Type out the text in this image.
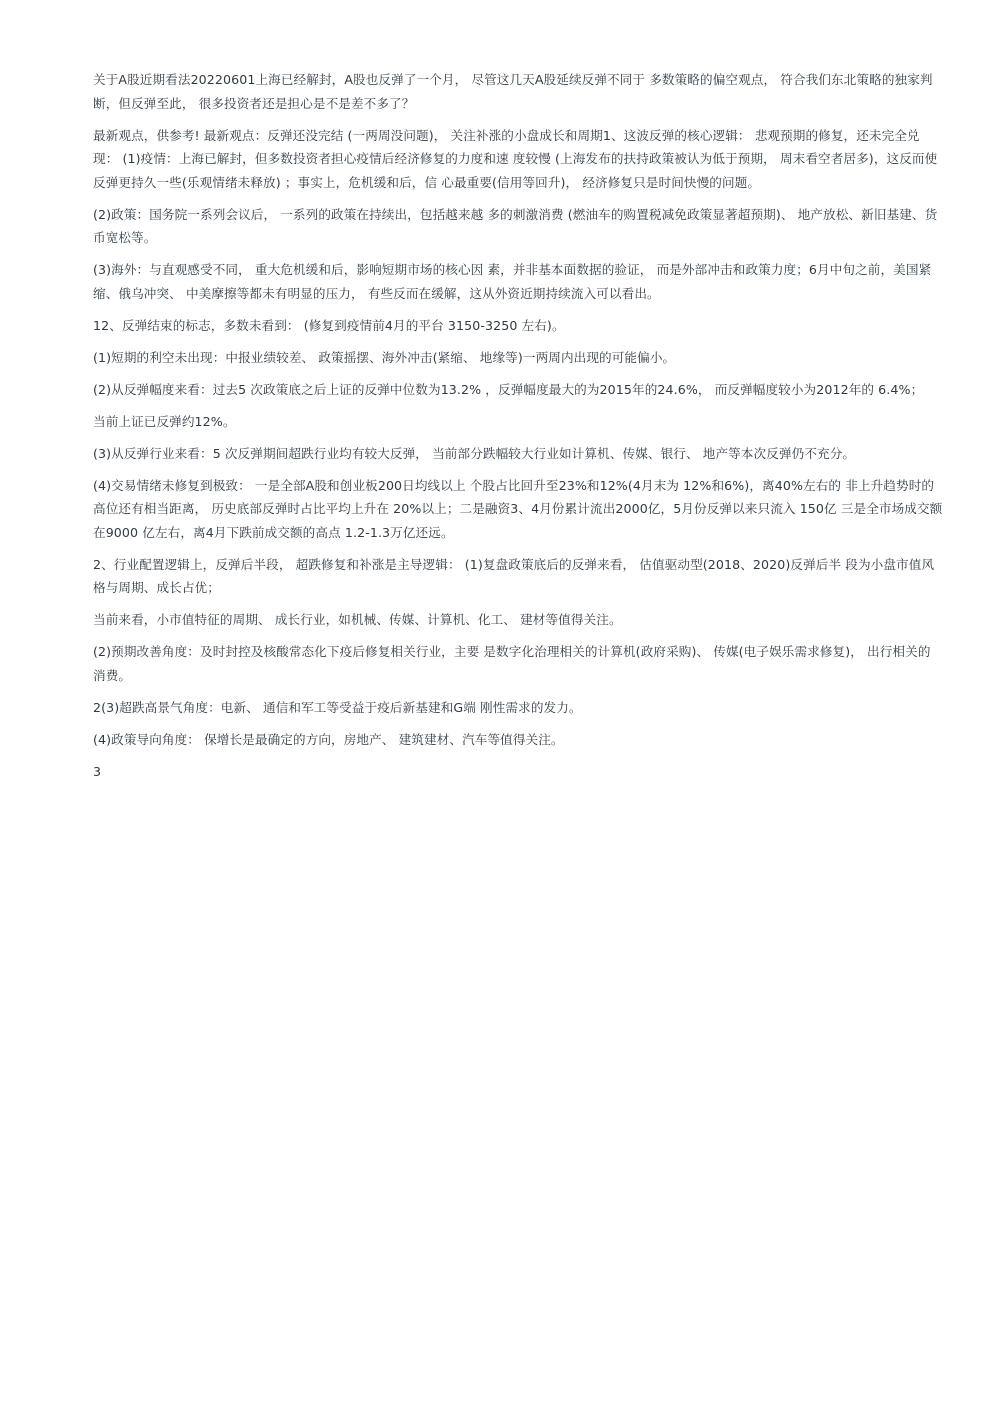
关于A股近期看法20220601上海已经解封，A股也反弹了一个月， 尽管这几天A股延续反弹不同于 多数策略的偏空观点， 符合我们东北策略的独家判断，但反弹至此， 很多投资者还是担心是不是差不多了？

最新观点，供参考! 最新观点：反弹还没完结 (一两周没问题)， 关注补涨的小盘成长和周期1、这波反弹的核心逻辑： 悲观预期的修复，还未完全兑现： (1)疫情：上海已解封，但多数投资者担心疫情后经济修复的力度和速 度较慢 (上海发布的扶持政策被认为低于预期， 周末看空者居多)，这反而使反弹更持久一些(乐观情绪未释放) ；事实上，危机缓和后，信 心最重要(信用等回升)， 经济修复只是时间快慢的问题。

(2)政策：国务院一系列会议后， 一系列的政策在持续出，包括越来越 多的刺激消费 (燃油车的购置税减免政策显著超预期)、 地产放松、新旧基建、货币宽松等。

(3)海外：与直观感受不同， 重大危机缓和后，影响短期市场的核心因 素，并非基本面数据的验证， 而是外部冲击和政策力度；6月中旬之前，美国紧缩、俄乌冲突、 中美摩擦等都未有明显的压力， 有些反而在缓解，这从外资近期持续流入可以看出。

12、反弹结束的标志，多数未看到： (修复到疫情前4月的平台 3150-3250 左右)。

(1)短期的利空未出现：中报业绩较差、 政策摇摆、海外冲击(紧缩、 地缘等)一两周内出现的可能偏小。

(2)从反弹幅度来看：过去5 次政策底之后上证的反弹中位数为13.2% ，反弹幅度最大的为2015年的24.6%， 而反弹幅度较小为2012年的 6.4%；

当前上证已反弹约12%。

(3)从反弹行业来看：5 次反弹期间超跌行业均有较大反弹， 当前部分跌幅较大行业如计算机、传媒、银行、 地产等本次反弹仍不充分。

(4)交易情绪未修复到极致： 一是全部A股和创业板200日均线以上 个股占比回升至23%和12%(4月末为 12%和6%)，离40%左右的 非上升趋势时的高位还有相当距离， 历史底部反弹时占比平均上升在 20%以上；二是融资3、4月份累计流出2000亿，5月份反弹以来只流入 150亿 三是全市场成交额在9000 亿左右，离4月下跌前成交额的高点 1.2-1.3万亿还远。

2、行业配置逻辑上，反弹后半段， 超跌修复和补涨是主导逻辑： (1)复盘政策底后的反弹来看， 估值驱动型(2018、2020)反弹后半 段为小盘市值风格与周期、成长占优；

当前来看，小市值特征的周期、 成长行业，如机械、传媒、计算机、化工、 建材等值得关注。

(2)预期改善角度：及时封控及核酸常态化下疫后修复相关行业，主要 是数字化治理相关的计算机(政府采购)、 传媒(电子娱乐需求修复)， 出行相关的消费。

2(3)超跌高景气角度：电新、 通信和军工等受益于疫后新基建和G端 刚性需求的发力。

(4)政策导向角度： 保增长是最确定的方向，房地产、 建筑建材、汽车等值得关注。

3
